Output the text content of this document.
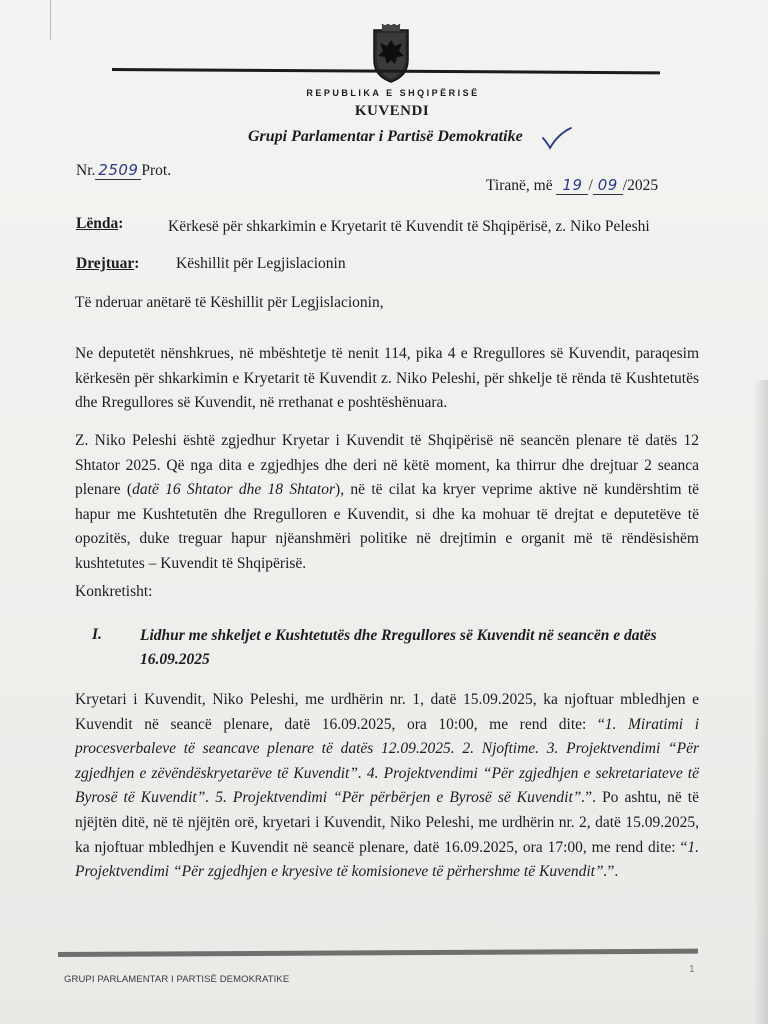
REPUBLIKA E SHQIPËRISË
KUVENDI
Grupi Parlamentar i Partisë Demokratike
Nr. 2509 Prot.
Tiranë, më 19 / 09 /2025
Lënda:	Kërkesë për shkarkimin e Kryetarit të Kuvendit të Shqipërisë, z. Niko Peleshi
Drejtuar: Këshillit për Legjislacionin
Të nderuar anëtarë të Këshillit për Legjislacionin,
Ne deputetët nënshkrues, në mbështetje të nenit 114, pika 4 e Rregullores së Kuvendit, paraqesim kërkesën për shkarkimin e Kryetarit të Kuvendit z. Niko Peleshi, për shkelje të rënda të Kushtetutës dhe Rregullores së Kuvendit, në rrethanat e poshtëshënuara.
Z. Niko Peleshi është zgjedhur Kryetar i Kuvendit të Shqipërisë në seancën plenare të datës 12 Shtator 2025. Që nga dita e zgjedhjes dhe deri në këtë moment, ka thirrur dhe drejtuar 2 seanca plenare (datë 16 Shtator dhe 18 Shtator), në të cilat ka kryer veprime aktive në kundërshtim të hapur me Kushtetutën dhe Rregulloren e Kuvendit, si dhe ka mohuar të drejtat e deputetëve të opozitës, duke treguar hapur njëanshmëri politike në drejtimin e organit më të rëndësishëm kushtetutes – Kuvendit të Shqipërisë.
Konkretisht:
I. Lidhur me shkeljet e Kushtetutës dhe Rregullores së Kuvendit në seancën e datës 16.09.2025
Kryetari i Kuvendit, Niko Peleshi, me urdhërin nr. 1, datë 15.09.2025, ka njoftuar mbledhjen e Kuvendit në seancë plenare, datë 16.09.2025, ora 10:00, me rend dite: “1. Miratimi i procesverbaleve të seancave plenare të datës 12.09.2025. 2. Njoftime. 3. Projektvendimi “Për zgjedhjen e zëvëndëskryetarëve të Kuvendit”. 4. Projektvendimi “Për zgjedhjen e sekretariateve të Byrosë të Kuvendit”. 5. Projektvendimi “Për përbërjen e Byrosë së Kuvendit”.”. Po ashtu, në të njëjtën ditë, në të njëjtën orë, kryetari i Kuvendit, Niko Peleshi, me urdhërin nr. 2, datë 15.09.2025, ka njoftuar mbledhjen e Kuvendit në seancë plenare, datë 16.09.2025, ora 17:00, me rend dite: “1. Projektvendimi “Për zgjedhjen e kryesive të komisioneve të përhershme të Kuvendit”.”.
GRUPI PARLAMENTAR I PARTISË DEMOKRATIKE
1
